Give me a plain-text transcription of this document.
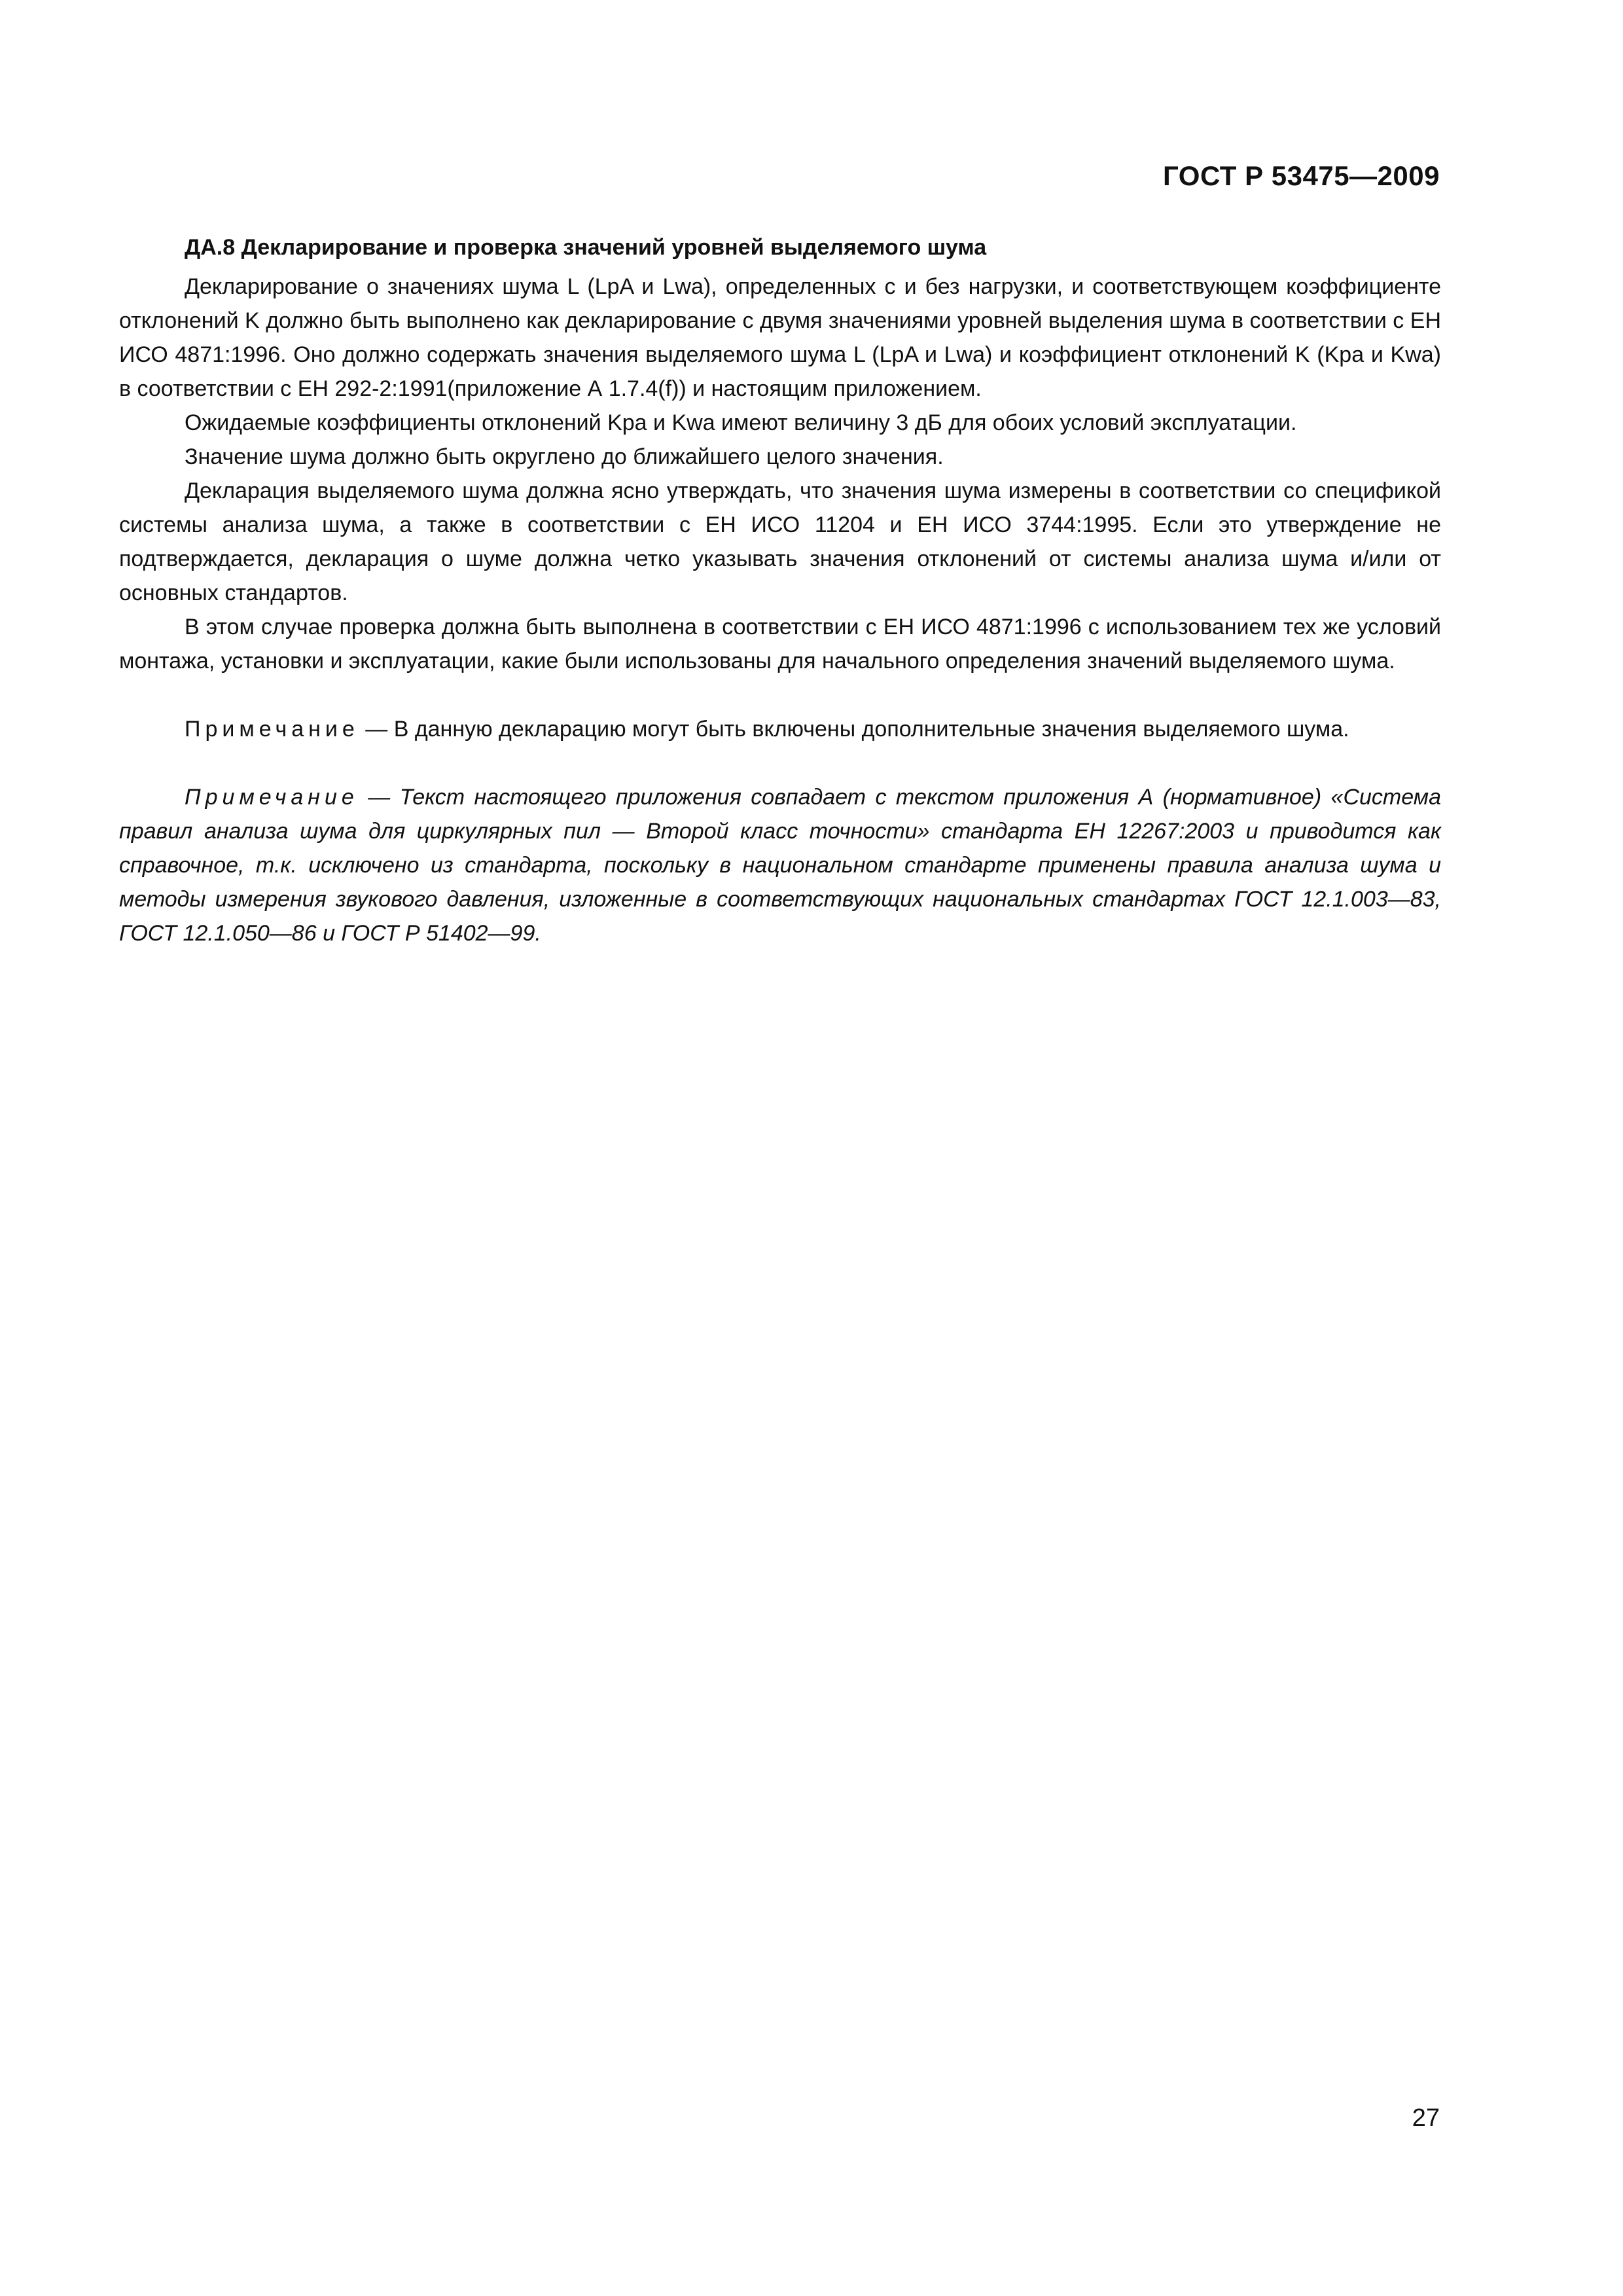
ГОСТ Р 53475—2009
ДА.8 Декларирование и проверка значений уровней выделяемого шума

Декларирование о значениях шума L (LpA и Lwa), определенных с и без нагрузки, и соответствующем коэффициенте отклонений K должно быть выполнено как декларирование с двумя значениями уровней выделения шума в соответствии с ЕН ИСО 4871:1996. Оно должно содержать значения выделяемого шума L (LpA и Lwa) и коэффициент отклонений K (Kpa и Kwa) в соответствии с ЕН 292-2:1991(приложение А 1.7.4(f)) и настоящим приложением.

Ожидаемые коэффициенты отклонений Kpa и Kwa имеют величину 3 дБ для обоих условий эксплуатации.

Значение шума должно быть округлено до ближайшего целого значения.

Декларация выделяемого шума должна ясно утверждать, что значения шума измерены в соответствии со спецификой системы анализа шума, а также в соответствии с ЕН ИСО 11204 и ЕН ИСО 3744:1995. Если это утверждение не подтверждается, декларация о шуме должна четко указывать значения отклонений от системы анализа шума и/или от основных стандартов.

В этом случае проверка должна быть выполнена в соответствии с ЕН ИСО 4871:1996 с использованием тех же условий монтажа, установки и эксплуатации, какие были использованы для начального определения значений выделяемого шума.

Примечание — В данную декларацию могут быть включены дополнительные значения выделяемого шума.

Примечание — Текст настоящего приложения совпадает с текстом приложения А (нормативное) «Система правил анализа шума для циркулярных пил — Второй класс точности» стандарта ЕН 12267:2003 и приводится как справочное, т.к. исключено из стандарта, поскольку в национальном стандарте применены правила анализа шума и методы измерения звукового давления, изложенные в соответствующих национальных стандартах ГОСТ 12.1.003—83, ГОСТ 12.1.050—86 и ГОСТ Р 51402—99.

27
